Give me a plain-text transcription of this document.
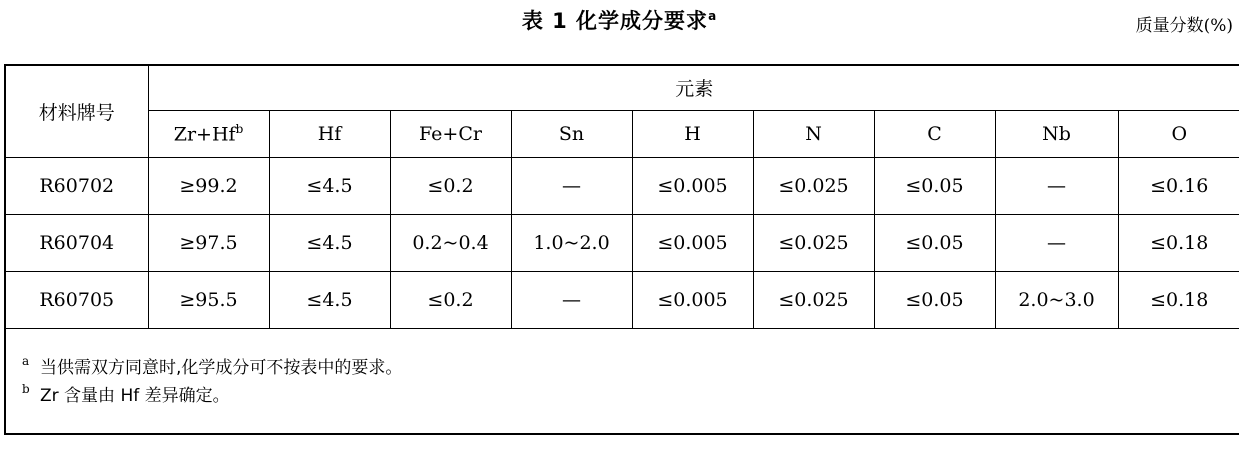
表 1 化学成分要求$^a$	质量分数(%)
材料牌号	元素								
	$Zr+Hf^b$	Hf	Fe+Cr	Sn	H	N	C	Nb	O
R60702	≥99.2	≤4.5	≤0.2	—	≤0.005	≤0.025	≤0.05	—	≤0.16
R60704	≥97.5	≤4.5	0.2~0.4	1.0~2.0	≤0.005	≤0.025	≤0.05	—	≤0.18
R60705	≥95.5	≤4.5	≤0.2	—	≤0.005	≤0.025	≤0.05	2.0~3.0	≤0.18

a 当供需双方同意时,化学成分可不按表中的要求。
b Zr 含量由 Hf 差异确定。									
